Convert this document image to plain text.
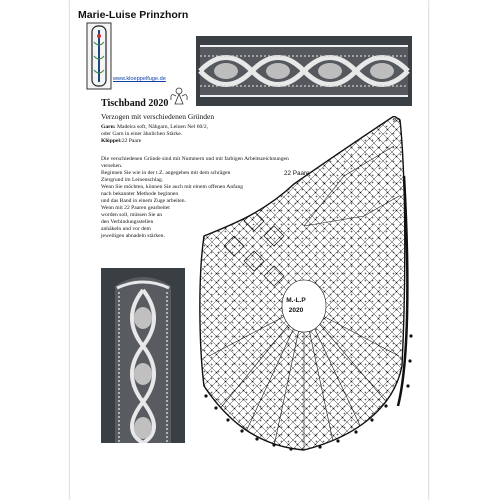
Marie-Luise Prinzhorn
www.kloeppelfuge.de
Tischband 2020
Verzogen mit verschiedenen Gründen
Garn: Madeira soft, Nähgarn, Leinen Nel 60/2,
oder Garn in einer ähnlichen Stärke.
Klöppel:22 Paare
Die verschiedenen Gründe sind mit Nummern und mit farbigen Arbeitszeichnungen
versehen.
Beginnen Sie wie in der t.Z. angegeben mit dem schrägen
Ziergrund im Leinenschlag.
Wenn Sie möchten, können Sie auch mit einem offenen Anfang
nach bekannter Methode beginnen
und das Band in einem Zuge arbeiten.
Wenn mit 22 Paaren gearbeitet
worden soll, müssen Sie an
den Verbindungsstellen
anhäkeln und vor dem
jeweiligen abnadeln stärken.
22 Paare
M.-L.P
2020
